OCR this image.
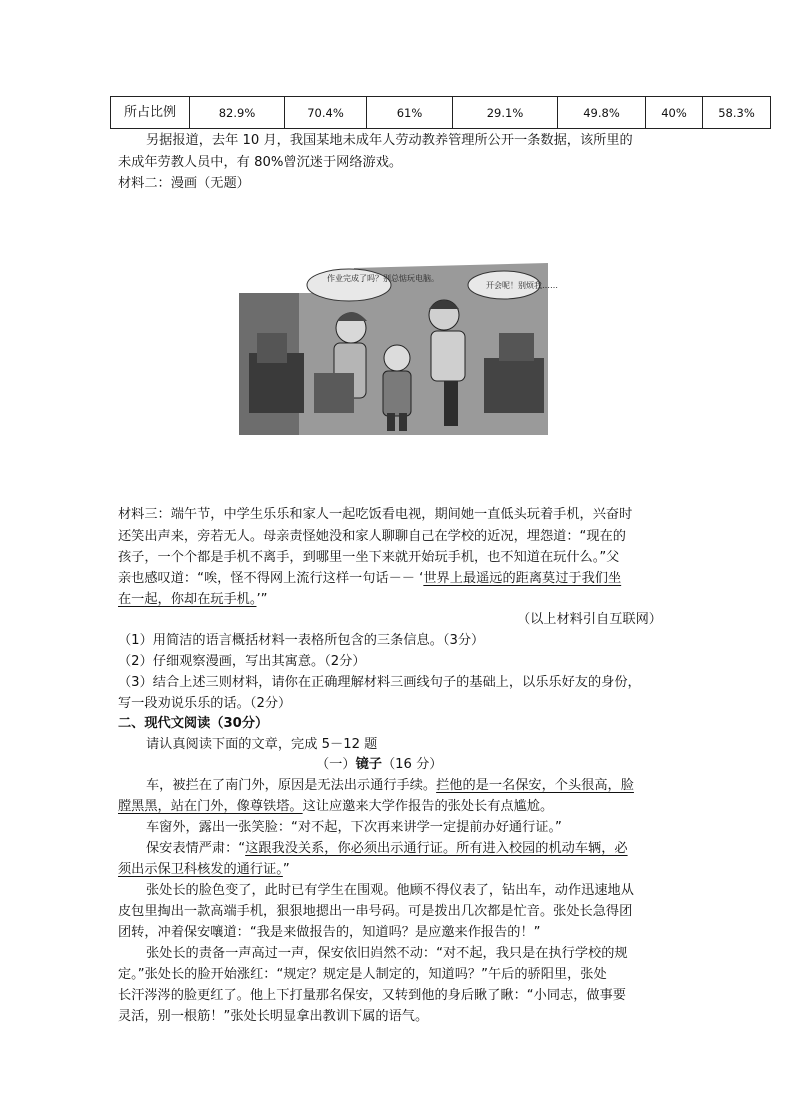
所占比例	82.9%	70.4%	61%	29.1%	49.8%	40%	58.3%
另据报道，去年 10 月，我国某地未成年人劳动教养管理所公开一条数据，该所里的
未成年劳教人员中，有 80%曾沉迷于网络游戏。
材料二：漫画（无题）
作业完成了吗？别总惦玩电脑。
开会呢！别烦我……
材料三：端午节，中学生乐乐和家人一起吃饭看电视，期间她一直低头玩着手机，兴奋时
还笑出声来，旁若无人。母亲责怪她没和家人聊聊自己在学校的近况，埋怨道：“现在的
孩子，一个个都是手机不离手，到哪里一坐下来就开始玩手机，也不知道在玩什么。”父
亲也感叹道：“唉，怪不得网上流行这样一句话－－ ‘世界上最遥远的距离莫过于我们坐
在一起，你却在玩手机。’”
（以上材料引自互联网）
（1）用简洁的语言概括材料一表格所包含的三条信息。（3分）
（2）仔细观察漫画，写出其寓意。（2分）
（3）结合上述三则材料，请你在正确理解材料三画线句子的基础上，以乐乐好友的身份，
写一段劝说乐乐的话。（2分）
二、现代文阅读（30分）
请认真阅读下面的文章，完成 5－12 题
（一）镜子（16 分）
车，被拦在了南门外，原因是无法出示通行手续。拦他的是一名保安，个头很高，脸
膛黑黑，站在门外，像尊铁塔。这让应邀来大学作报告的张处长有点尴尬。
车窗外，露出一张笑脸：“对不起，下次再来讲学一定提前办好通行证。”
保安表情严肃：“这跟我没关系，你必须出示通行证。所有进入校园的机动车辆，必
须出示保卫科核发的通行证。”
张处长的脸色变了，此时已有学生在围观。他顾不得仪表了，钻出车，动作迅速地从
皮包里掏出一款高端手机，狠狠地摁出一串号码。可是拨出几次都是忙音。张处长急得团
团转，冲着保安嚷道：“我是来做报告的，知道吗？是应邀来作报告的！”
张处长的责备一声高过一声，保安依旧岿然不动：“对不起，我只是在执行学校的规
定。”张处长的脸开始涨红：“规定？规定是人制定的，知道吗？”午后的骄阳里，张处
长汗涔涔的脸更红了。他上下打量那名保安，又转到他的身后瞅了瞅：“小同志，做事要
灵活，别一根筋！”张处长明显拿出教训下属的语气。
